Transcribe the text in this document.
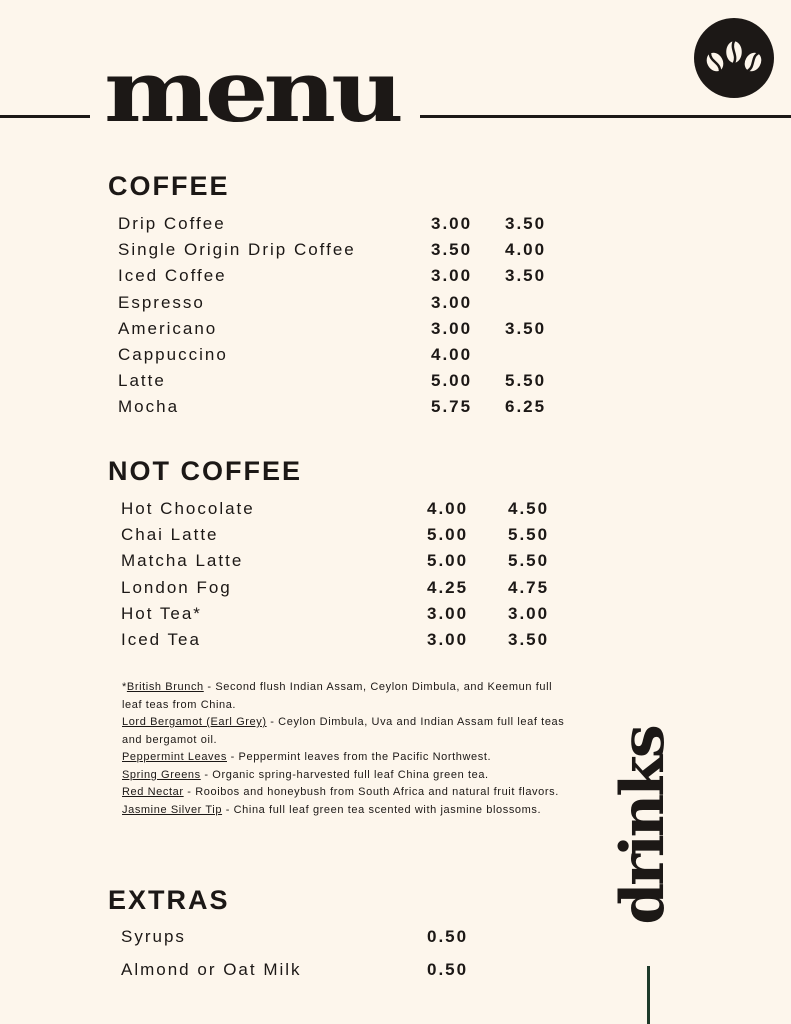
menu
COFFEE
Drip Coffee	3.00 3.50
Single Origin Drip Coffee	3.50 4.00
Iced Coffee	3.00 3.50
Espresso	3.00
Americano	3.00 3.50
Cappuccino	4.00
Latte	5.00 5.50
Mocha	5.75 6.25
NOT COFFEE
Hot Chocolate	4.00 4.50
Chai Latte	5.00 5.50
Matcha Latte	5.00 5.50
London Fog	4.25 4.75
Hot Tea*	3.00 3.00
Iced Tea	3.00 3.50

*British Brunch - Second flush Indian Assam, Ceylon Dimbula, and Keemun full leaf teas from China.

Lord Bergamot (Earl Grey) - Ceylon Dimbula, Uva and Indian Assam full leaf teas and bergamot oil.

Peppermint Leaves - Peppermint leaves from the Pacific Northwest.

Spring Greens - Organic spring-harvested full leaf China green tea.

Red Nectar - Rooibos and honeybush from South Africa and natural fruit flavors.

Jasmine Silver Tip - China full leaf green tea scented with jasmine blossoms.

EXTRAS
Syrups	0.50
Almond or Oat Milk	0.50
drinks
